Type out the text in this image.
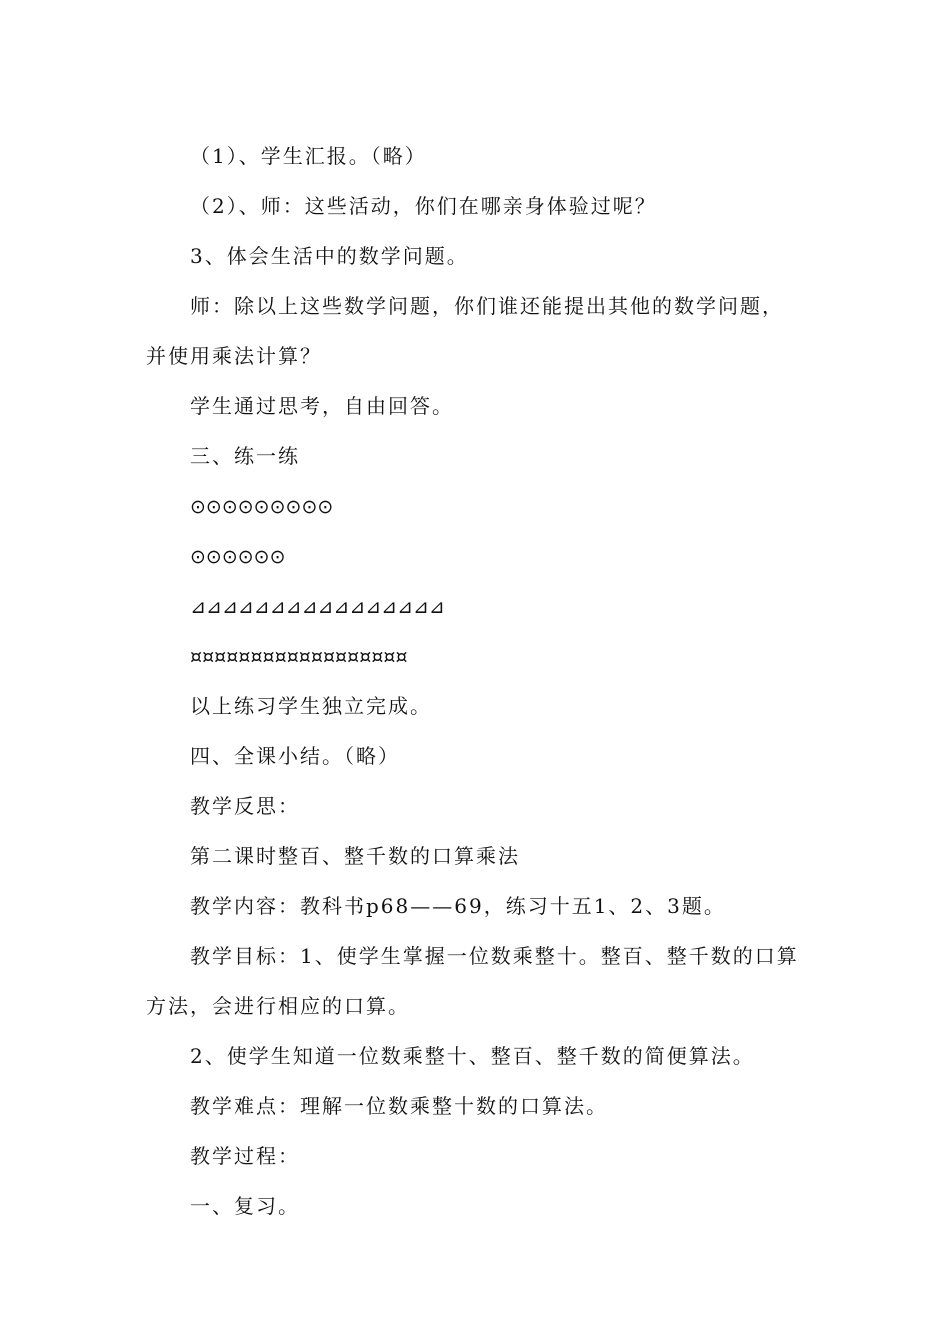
（1）、学生汇报。（略）

（2）、师：这些活动，你们在哪亲身体验过呢？

3、体会生活中的数学问题。

师：除以上这些数学问题，你们谁还能提出其他的数学问题，

并使用乘法计算？

学生通过思考，自由回答。

三、练一练

⊙⊙⊙⊙⊙⊙⊙⊙⊙

⊙⊙⊙⊙⊙⊙

⊿⊿⊿⊿⊿⊿⊿⊿⊿⊿⊿⊿⊿⊿⊿⊿

¤¤¤¤¤¤¤¤¤¤¤¤¤¤¤¤¤¤

以上练习学生独立完成。

四、全课小结。（略）

教学反思：

第二课时整百、整千数的口算乘法

教学内容：教科书p68——69，练习十五1、2、3题。

教学目标：1、使学生掌握一位数乘整十。整百、整千数的口算

方法，会进行相应的口算。

2、使学生知道一位数乘整十、整百、整千数的简便算法。

教学难点：理解一位数乘整十数的口算法。

教学过程：

一、复习。
